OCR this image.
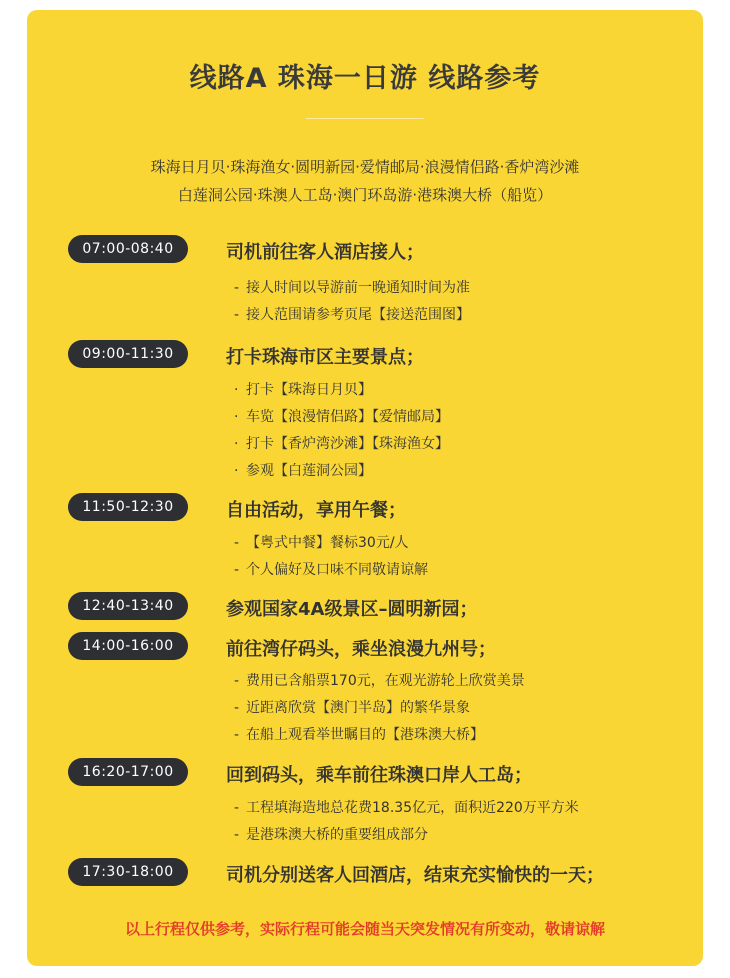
线路A 珠海一日游 线路参考
珠海日月贝·珠海渔女·圆明新园·爱情邮局·浪漫情侣路·香炉湾沙滩
白莲洞公园·珠澳人工岛·澳门环岛游·港珠澳大桥（船览）
07:00-08:40	司机前往客人酒店接人；
- 接人时间以导游前一晚通知时间为准
- 接人范围请参考页尾【接送范围图】
09:00-11:30	打卡珠海市区主要景点；
· 打卡【珠海日月贝】
· 车览【浪漫情侣路】【爱情邮局】
· 打卡【香炉湾沙滩】【珠海渔女】
· 参观【白莲洞公园】
11:50-12:30	自由活动，享用午餐；
- 【粤式中餐】餐标30元/人
- 个人偏好及口味不同敬请谅解
12:40-13:40	参观国家4A级景区–圆明新园；
14:00-16:00	前往湾仔码头，乘坐浪漫九州号；
- 费用已含船票170元，在观光游轮上欣赏美景
- 近距离欣赏【澳门半岛】的繁华景象
- 在船上观看举世瞩目的【港珠澳大桥】
16:20-17:00	回到码头，乘车前往珠澳口岸人工岛；
- 工程填海造地总花费18.35亿元，面积近220万平方米
- 是港珠澳大桥的重要组成部分
17:30-18:00	司机分别送客人回酒店，结束充实愉快的一天；
以上行程仅供参考，实际行程可能会随当天突发情况有所变动，敬请谅解
